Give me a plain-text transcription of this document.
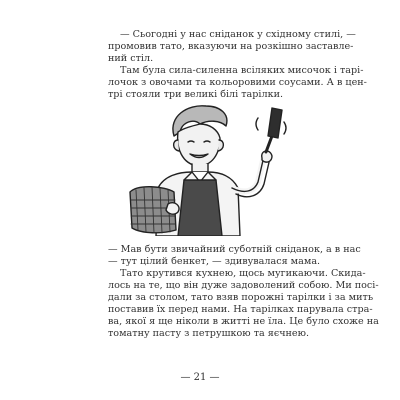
— Сьогодні у нас сніданок у східному стилі, —
промовив тато, вказуючи на розкішно заставле-
ний стіл.
Там була сила-силенна всіляких мисочок і тарі-
лочок з овочами та кольоровими соусами. А в цен-
трі стояли три великі білі тарілки.
— Мав бути звичайний суботній сніданок, а в нас
— тут цілий бенкет, — здивувалася мама.
Тато крутився кухнею, щось мугикаючи. Скида-
лось на те, що він дуже задоволений собою. Ми посі-
дали за столом, тато взяв порожні тарілки і за мить
поставив їх перед нами. На тарілках парувала стра-
ва, якої я ще ніколи в житті не їла. Це було схоже на
томатну пасту з петрушкою та яєчнею.
— 21 —
